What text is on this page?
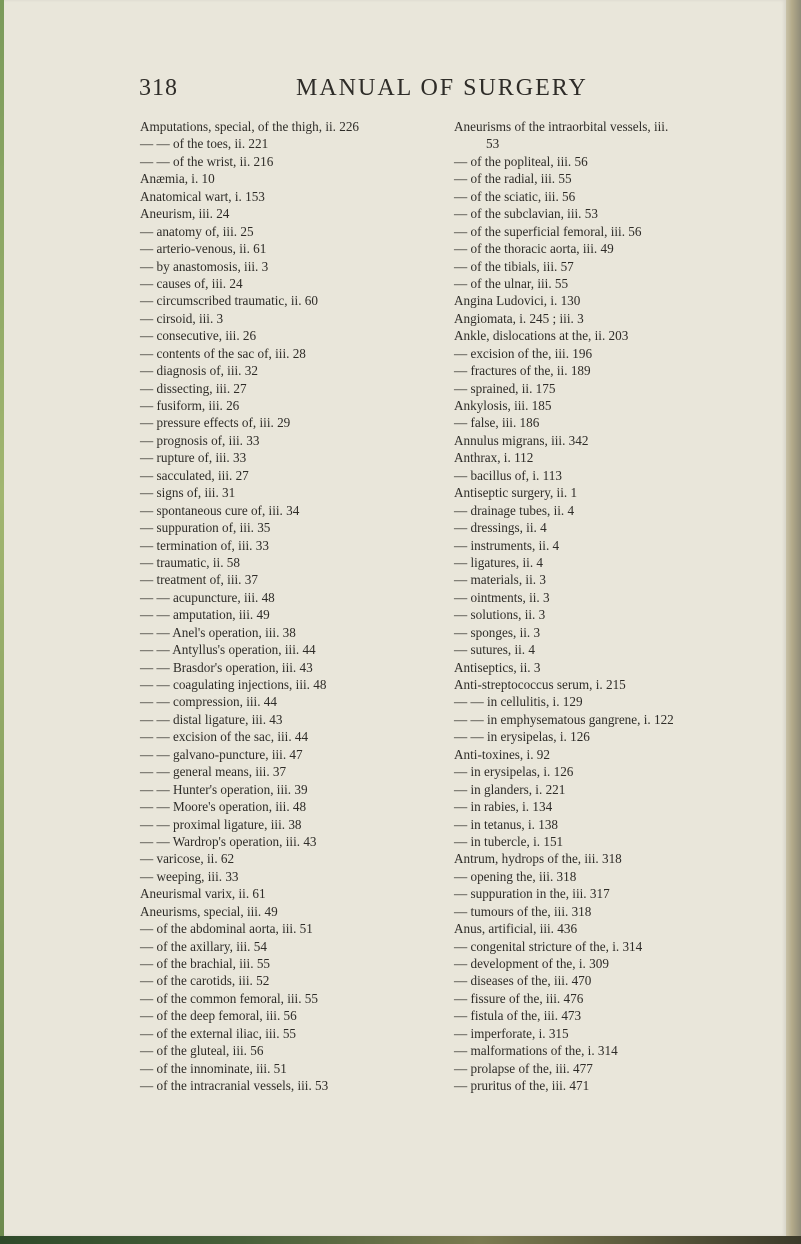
318	MANUAL OF SURGERY
Amputations, special, of the thigh, ii. 226
— — of the toes, ii. 221
— — of the wrist, ii. 216
Anæmia, i. 10
Anatomical wart, i. 153
Aneurism, iii. 24
— anatomy of, iii. 25
— arterio-venous, ii. 61
— by anastomosis, iii. 3
— causes of, iii. 24
— circumscribed traumatic, ii. 60
— cirsoid, iii. 3
— consecutive, iii. 26
— contents of the sac of, iii. 28
— diagnosis of, iii. 32
— dissecting, iii. 27
— fusiform, iii. 26
— pressure effects of, iii. 29
— prognosis of, iii. 33
— rupture of, iii. 33
— sacculated, iii. 27
— signs of, iii. 31
— spontaneous cure of, iii. 34
— suppuration of, iii. 35
— termination of, iii. 33
— traumatic, ii. 58
— treatment of, iii. 37
— — acupuncture, iii. 48
— — amputation, iii. 49
— — Anel's operation, iii. 38
— — Antyllus's operation, iii. 44
— — Brasdor's operation, iii. 43
— — coagulating injections, iii. 48
— — compression, iii. 44
— — distal ligature, iii. 43
— — excision of the sac, iii. 44
— — galvano-puncture, iii. 47
— — general means, iii. 37
— — Hunter's operation, iii. 39
— — Moore's operation, iii. 48
— — proximal ligature, iii. 38
— — Wardrop's operation, iii. 43
— varicose, ii. 62
— weeping, iii. 33
Aneurismal varix, ii. 61
Aneurisms, special, iii. 49
— of the abdominal aorta, iii. 51
— of the axillary, iii. 54
— of the brachial, iii. 55
— of the carotids, iii. 52
— of the common femoral, iii. 55
— of the deep femoral, iii. 56
— of the external iliac, iii. 55
— of the gluteal, iii. 56
— of the innominate, iii. 51
— of the intracranial vessels, iii. 53
Aneurisms of the intraorbital vessels, iii.
53
— of the popliteal, iii. 56
— of the radial, iii. 55
— of the sciatic, iii. 56
— of the subclavian, iii. 53
— of the superficial femoral, iii. 56
— of the thoracic aorta, iii. 49
— of the tibials, iii. 57
— of the ulnar, iii. 55
Angina Ludovici, i. 130
Angiomata, i. 245 ; iii. 3
Ankle, dislocations at the, ii. 203
— excision of the, iii. 196
— fractures of the, ii. 189
— sprained, ii. 175
Ankylosis, iii. 185
— false, iii. 186
Annulus migrans, iii. 342
Anthrax, i. 112
— bacillus of, i. 113
Antiseptic surgery, ii. 1
— drainage tubes, ii. 4
— dressings, ii. 4
— instruments, ii. 4
— ligatures, ii. 4
— materials, ii. 3
— ointments, ii. 3
— solutions, ii. 3
— sponges, ii. 3
— sutures, ii. 4
Antiseptics, ii. 3
Anti-streptococcus serum, i. 215
— — in cellulitis, i. 129
— — in emphysematous gangrene, i. 122
— — in erysipelas, i. 126
Anti-toxines, i. 92
— in erysipelas, i. 126
— in glanders, i. 221
— in rabies, i. 134
— in tetanus, i. 138
— in tubercle, i. 151
Antrum, hydrops of the, iii. 318
— opening the, iii. 318
— suppuration in the, iii. 317
— tumours of the, iii. 318
Anus, artificial, iii. 436
— congenital stricture of the, i. 314
— development of the, i. 309
— diseases of the, iii. 470
— fissure of the, iii. 476
— fistula of the, iii. 473
— imperforate, i. 315
— malformations of the, i. 314
— prolapse of the, iii. 477
— pruritus of the, iii. 471
